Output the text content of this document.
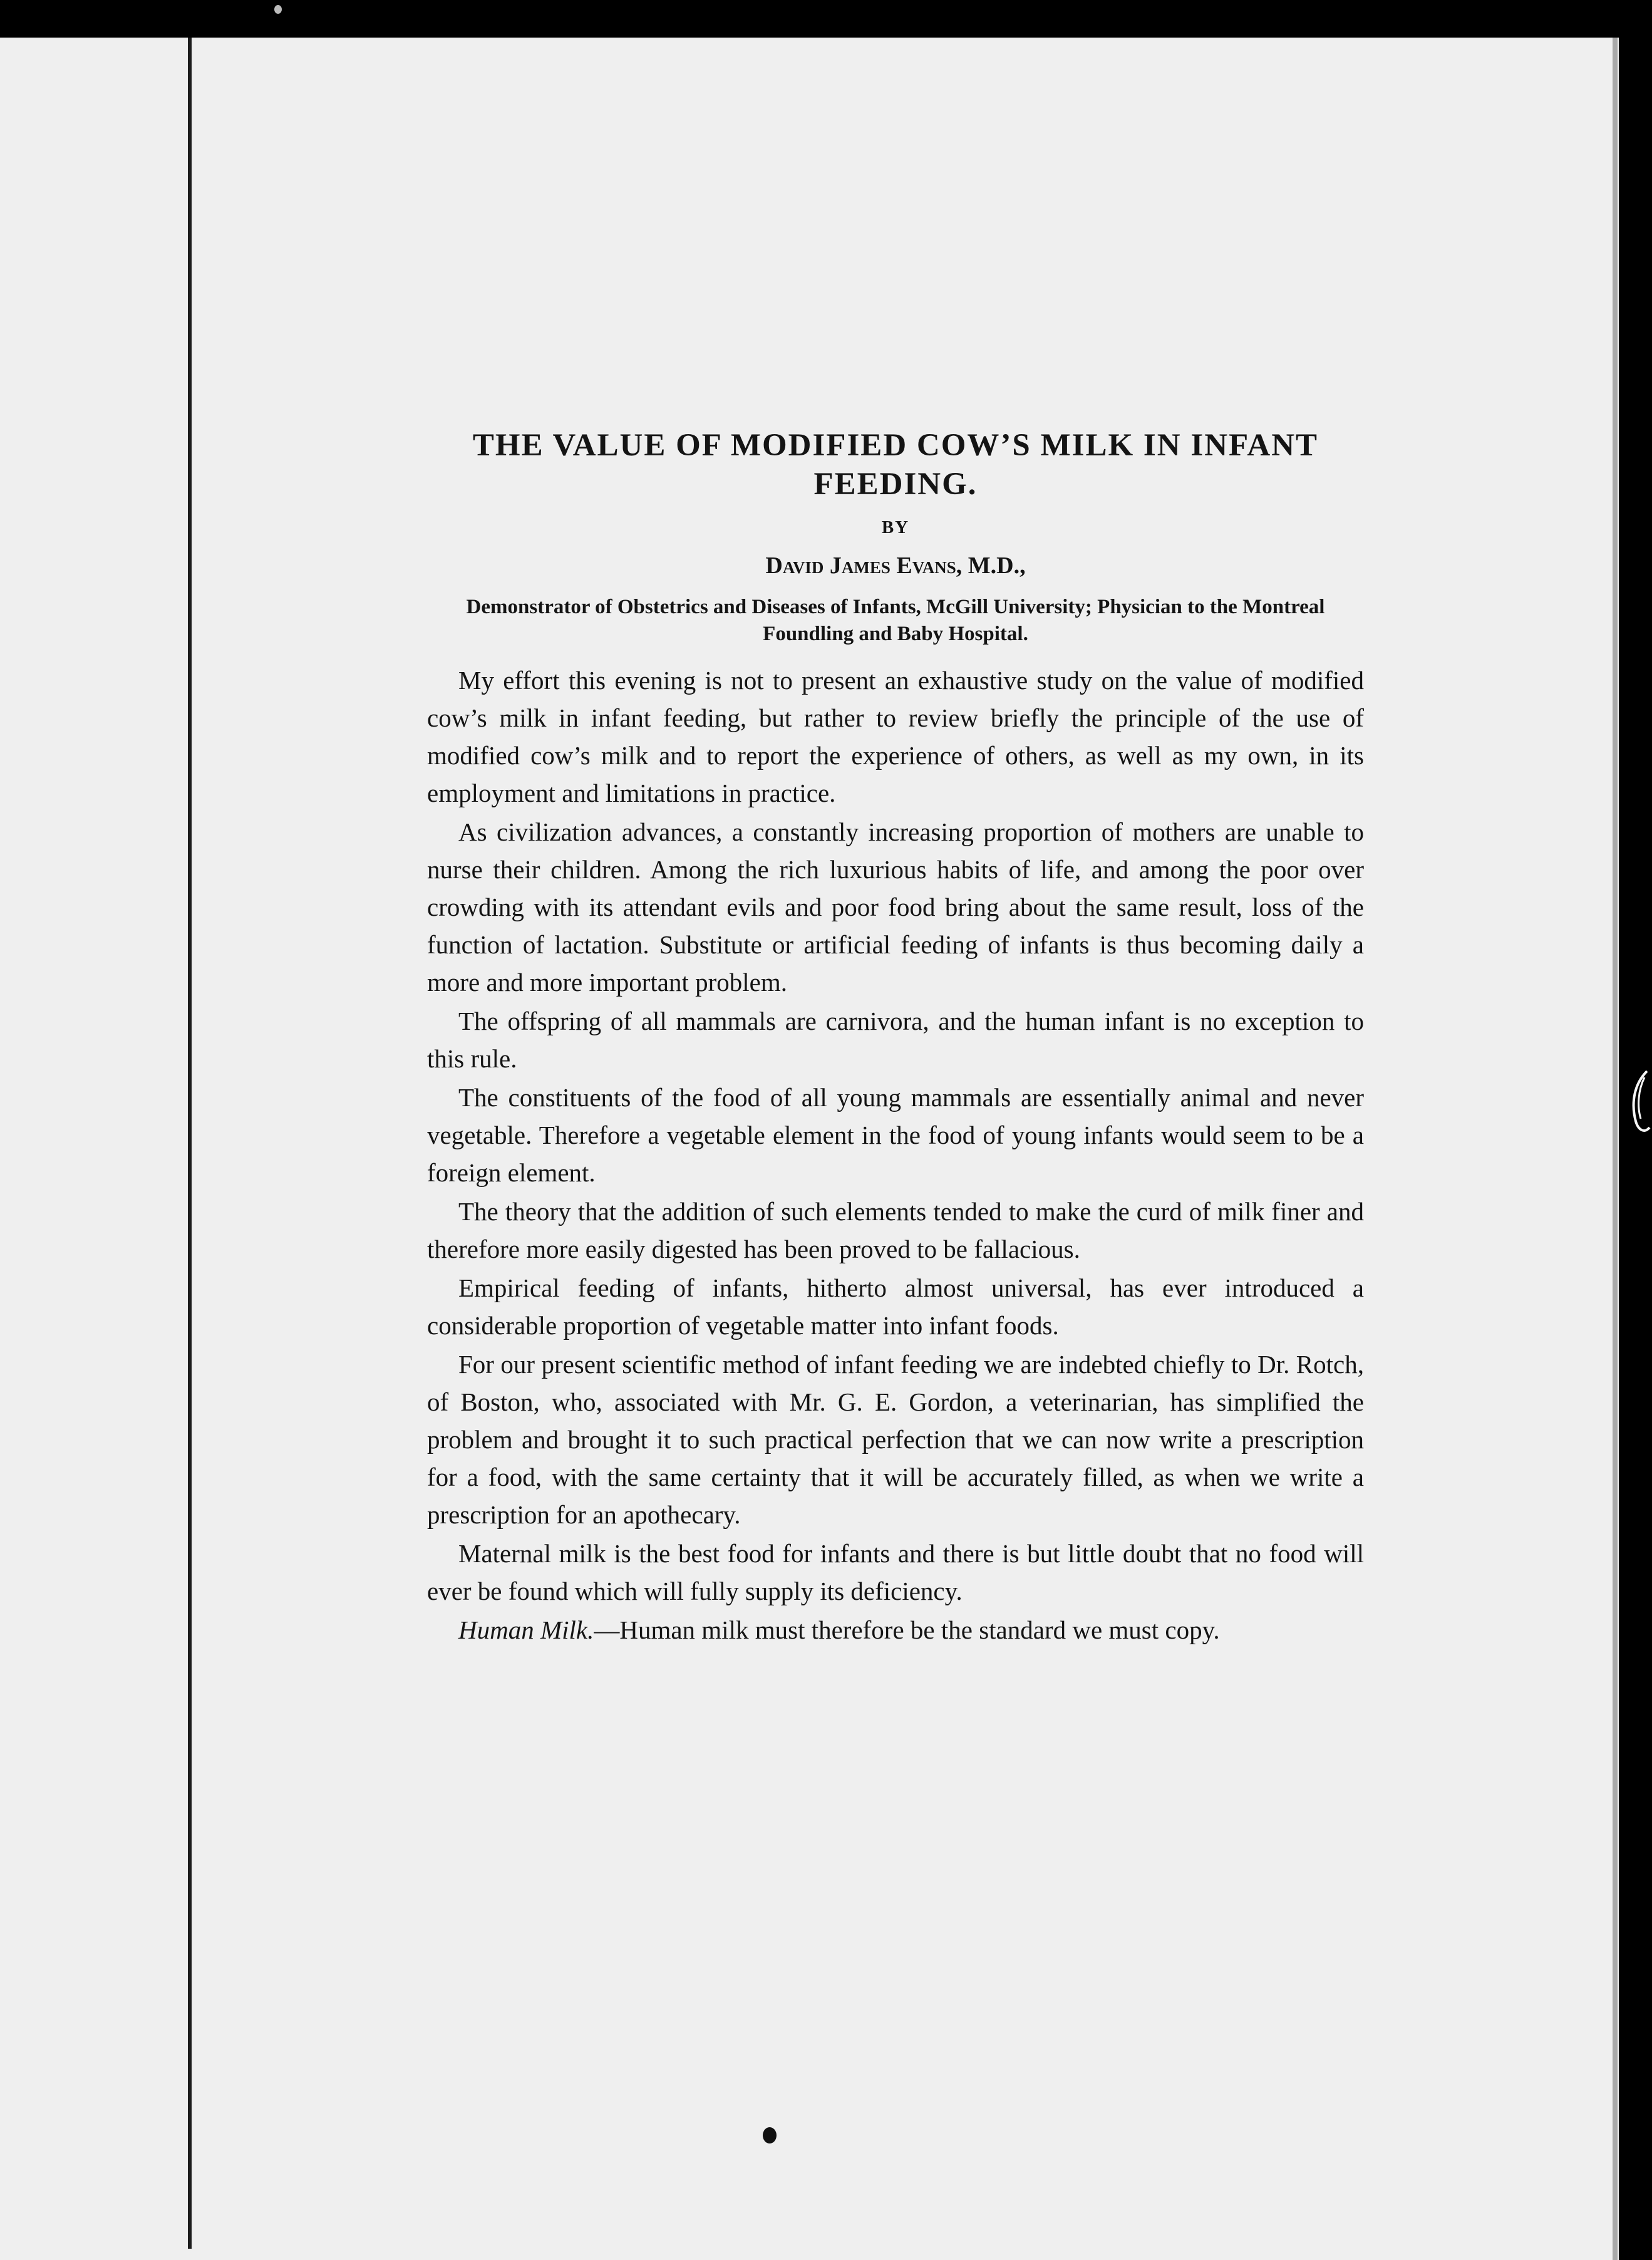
THE VALUE OF MODIFIED COW’S MILK IN INFANT FEEDING.
BY
David James Evans, M.D.,
Demonstrator of Obstetrics and Diseases of Infants, McGill University; Physician to the Montreal Foundling and Baby Hospital.

My effort this evening is not to present an exhaustive study on the value of modified cow’s milk in infant feeding, but rather to review briefly the principle of the use of modified cow’s milk and to report the experience of others, as well as my own, in its employment and limitations in practice.

As civilization advances, a constantly increasing proportion of mothers are unable to nurse their children. Among the rich luxurious habits of life, and among the poor over crowding with its attendant evils and poor food bring about the same result, loss of the function of lactation. Substitute or artificial feeding of infants is thus becoming daily a more and more important problem.

The offspring of all mammals are carnivora, and the human infant is no exception to this rule.

The constituents of the food of all young mammals are essentially animal and never vegetable. Therefore a vegetable element in the food of young infants would seem to be a foreign element.

The theory that the addition of such elements tended to make the curd of milk finer and therefore more easily digested has been proved to be fallacious.

Empirical feeding of infants, hitherto almost universal, has ever introduced a considerable proportion of vegetable matter into infant foods.

For our present scientific method of infant feeding we are indebted chiefly to Dr. Rotch, of Boston, who, associated with Mr. G. E. Gordon, a veterinarian, has simplified the problem and brought it to such practical perfection that we can now write a prescription for a food, with the same certainty that it will be accurately filled, as when we write a prescription for an apothecary.

Maternal milk is the best food for infants and there is but little doubt that no food will ever be found which will fully supply its deficiency.

Human Milk.—Human milk must therefore be the standard we must copy.
